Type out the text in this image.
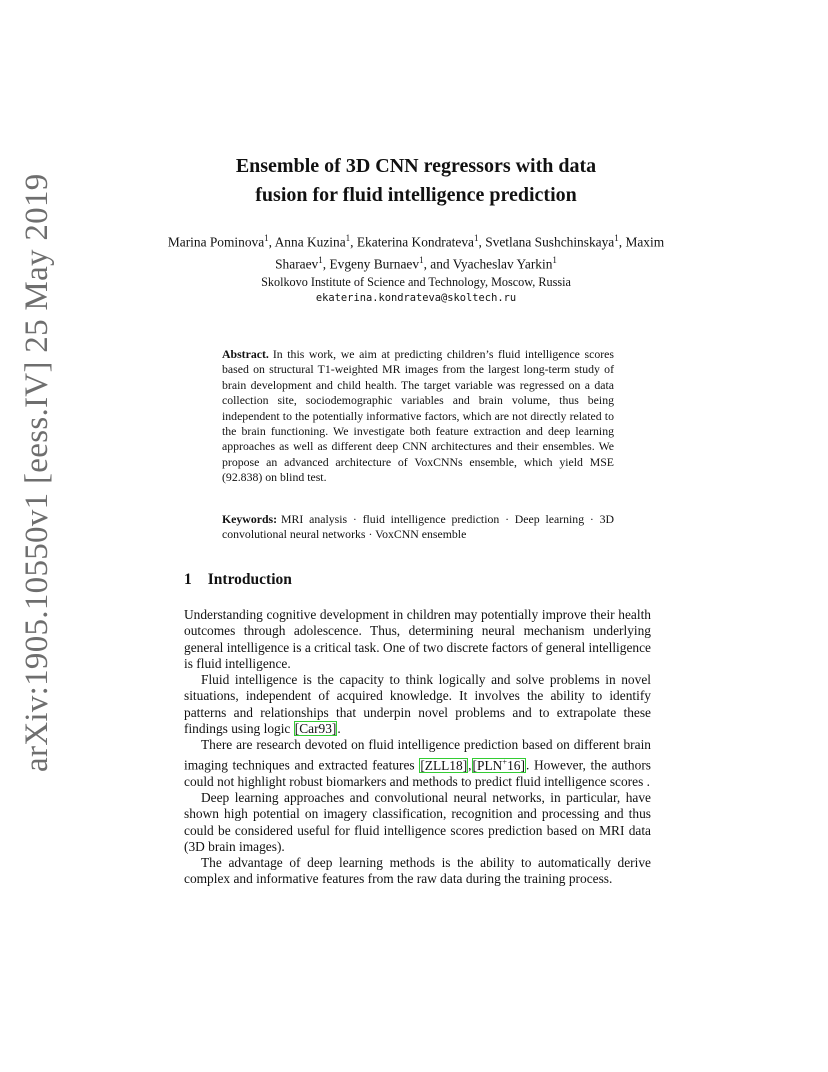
arXiv:1905.10550v1 [eess.IV] 25 May 2019
Ensemble of 3D CNN regressors with data
fusion for fluid intelligence prediction
Marina Pominova$^1$, Anna Kuzina$^1$, Ekaterina Kondrateva$^1$, Svetlana Sushchinskaya$^1$, Maxim Sharaev$^1$, Evgeny Burnaev$^1$, and Vyacheslav Yarkin$^1$
Skolkovo Institute of Science and Technology, Moscow, Russia
ekaterina.kondrateva@skoltech.ru

Abstract. In this work, we aim at predicting children’s fluid intelligence scores based on structural T1-weighted MR images from the largest long-term study of brain development and child health. The target variable was regressed on a data collection site, sociodemographic variables and brain volume, thus being independent to the potentially informative factors, which are not directly related to the brain functioning. We investigate both feature extraction and deep learning approaches as well as different deep CNN architectures and their ensembles. We propose an advanced architecture of VoxCNNs ensemble, which yield MSE (92.838) on blind test.

Keywords: MRI analysis · fluid intelligence prediction · Deep learning · 3D convolutional neural networks · VoxCNN ensemble

1 Introduction

Understanding cognitive development in children may potentially improve their health outcomes through adolescence. Thus, determining neural mechanism underlying general intelligence is a critical task. One of two discrete factors of general intelligence is fluid intelligence.

Fluid intelligence is the capacity to think logically and solve problems in novel situations, independent of acquired knowledge. It involves the ability to identify patterns and relationships that underpin novel problems and to extrapolate these findings using logic [Car93].

There are research devoted on fluid intelligence prediction based on different brain imaging techniques and extracted features [ZLL18],[PLN+16]. However, the authors could not highlight robust biomarkers and methods to predict fluid intelligence scores .

Deep learning approaches and convolutional neural networks, in particular, have shown high potential on imagery classification, recognition and processing and thus could be considered useful for fluid intelligence scores prediction based on MRI data (3D brain images).

The advantage of deep learning methods is the ability to automatically derive complex and informative features from the raw data during the training process.
